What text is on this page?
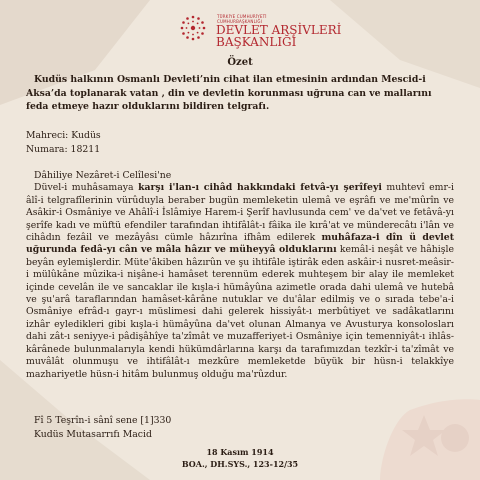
TÜRKİYE CUMHURİYETİ
CUMHURBAŞKANLIĞI
DEVLET ARŞİVLERİ
BAŞKANLIĞI
Özet
Kudüs halkının Osmanlı Devleti’nin cihat ilan etmesinin ardından Mescid-i Aksa’da toplanarak vatan , din ve devletin korunması uğruna can ve mallarını feda etmeye hazır olduklarını bildiren telgrafı.
Mahreci: Kudüs
Numara: 18211
Dâhiliye Nezâret-i Celîlesi'ne
Düvel-i muhâsamaya karşı i'lan-ı cihâd hakkındaki fetvâ-yı şerîfeyi muhtevî emr-i âlî-i telgrafîlerinin vürûduyla beraber bugün memleketin ulemâ ve eşrâfı ve me'mûrîn ve Asâkir-i Osmâniye ve Ahâlî-i İslâmiye Harem-i Şerîf havlusunda cem' ve da'vet ve fetâvâ-yı şerîfe kadı ve müftü efendiler tarafından ihtifâlât-ı fâika ile kırâ'at ve münderecâtı i'lân ve cihâdın fezâil ve mezâyâsı cümle hâzırîna ifhâm edilerek muhâfaza-i dîn ü devlet uğurunda fedâ-yı cân ve mâla hâzır ve müheyyâ olduklarını kemâl-i neşât ve hâhişle beyân eylemişlerdir. Müte'âkiben hâzırûn ve şu ihtifâle iştirâk eden askâir-i nusret-meâsir-i mülûkâne mûzika-i nişâne-i hamâset terennüm ederek muhteşem bir alay ile memleket içinde cevelân ile ve sancaklar ile kışla-i hümâyûna azimetle orada dahi ulemâ ve hutebâ ve şu'arâ taraflarından hamâset-kârâne nutuklar ve du'âlar edilmiş ve o sırada tebe'a-i Osmâniye efrâd-ı gayr-ı müslimesi dahi gelerek hissiyât-ı merbûtiyet ve sadâkatlarını izhâr eyledikleri gibi kışla-i hümâyûna da'vet olunan Almanya ve Avusturya konsolosları dahi zât-ı seniyye-i pâdişâhîye ta'zîmât ve muzafferiyet-i Osmâniye için temenniyât-ı ihlâs-kârânede bulunmalarıyla kendi hükümdârlarına karşı da tarafımızdan tezkîr-i ta'zîmât ve muvâlât olunmuşu ve ihtifâlât-ı mezkûre memleketde büyük bir hüsn-i telakkîye mazhariyetle hüsn-i hitâm bulunmuş olduğu ma'rûzdur.
Fî 5 Teşrîn-i sânî sene [1]330
Kudüs Mutasarrıfı Macid
18 Kasım 1914
BOA., DH.SYS., 123-12/35
